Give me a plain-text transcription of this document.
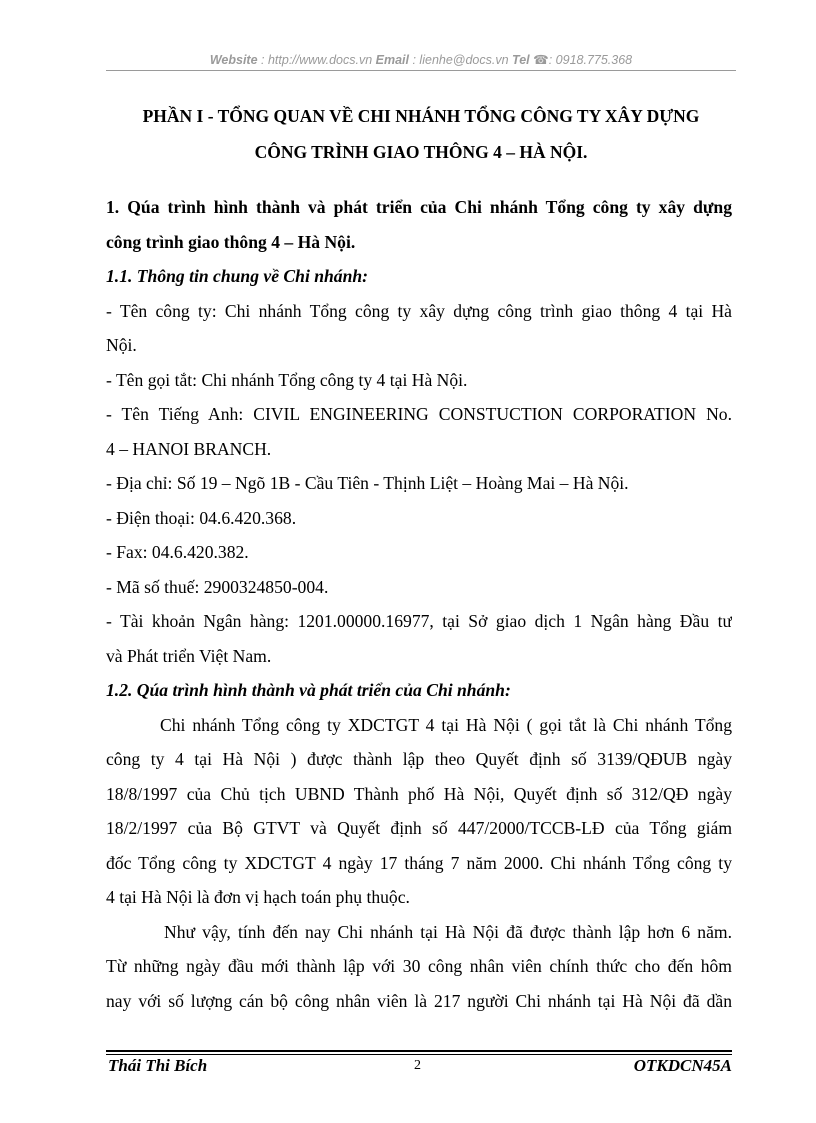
Website : http://www.docs.vn Email : lienhe@docs.vn Tel ☎: 0918.775.368
PHẦN I - TỔNG QUAN VỀ CHI NHÁNH TỔNG CÔNG TY XÂY DỰNG
CÔNG TRÌNH GIAO THÔNG 4 – HÀ NỘI.
1. Qúa trình hình thành và phát triển của Chi nhánh Tổng công ty xây dựng
công trình giao thông 4 – Hà Nội.
1.1. Thông tin chung về Chi nhánh:
- Tên công ty: Chi nhánh Tổng công ty xây dựng công trình giao thông 4 tại Hà
Nội.
- Tên gọi tắt: Chi nhánh Tổng công ty 4 tại Hà Nội.
- Tên Tiếng Anh: CIVIL ENGINEERING CONSTUCTION CORPORATION No.
4 – HANOI BRANCH.
- Địa chỉ: Số 19 – Ngõ 1B - Cầu Tiên - Thịnh Liệt – Hoàng Mai – Hà Nội.
- Điện thoại: 04.6.420.368.
- Fax: 04.6.420.382.
- Mã số thuế: 2900324850-004.
- Tài khoản Ngân hàng: 1201.00000.16977, tại Sở giao dịch 1 Ngân hàng Đầu tư
và Phát triển Việt Nam.
1.2. Qúa trình hình thành và phát triển của Chi nhánh:
Chi nhánh Tổng công ty XDCTGT 4 tại Hà Nội ( gọi tắt là Chi nhánh Tổng
công ty 4 tại Hà Nội ) được thành lập theo Quyết định số 3139/QĐUB ngày
18/8/1997 của Chủ tịch UBND Thành phố Hà Nội, Quyết định số 312/QĐ ngày
18/2/1997 của Bộ GTVT và Quyết định số 447/2000/TCCB-LĐ của Tổng giám
đốc Tổng công ty XDCTGT 4 ngày 17 tháng 7 năm 2000. Chi nhánh Tổng công ty
4 tại Hà Nội là đơn vị hạch toán phụ thuộc.
Như vậy, tính đến nay Chi nhánh tại Hà Nội đã được thành lập hơn 6 năm.
Từ những ngày đầu mới thành lập với 30 công nhân viên chính thức cho đến hôm
nay với số lượng cán bộ công nhân viên là 217 người Chi nhánh tại Hà Nội đã dần
Thái Thi Bích	2	OTKDCN45A
